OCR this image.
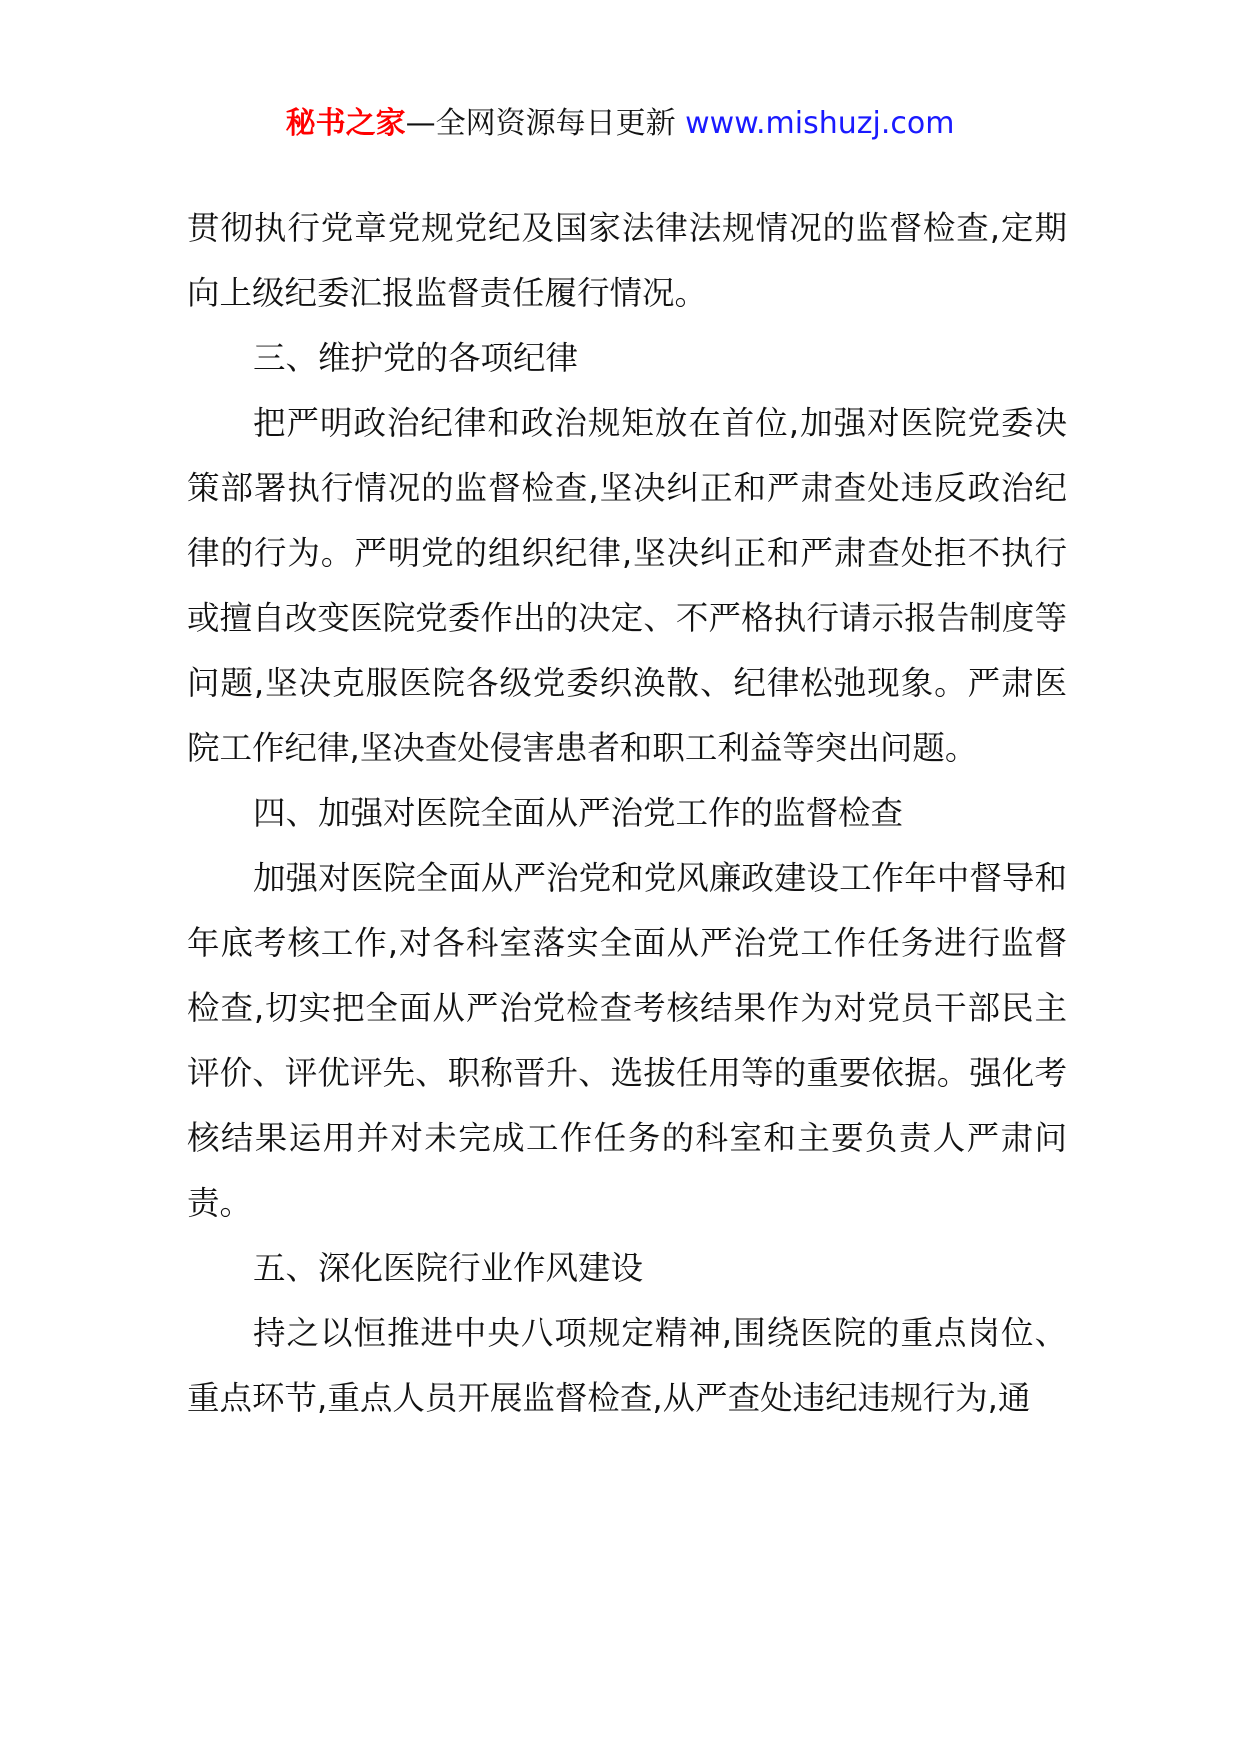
秘书之家—全网资源每日更新 www.mishuzj.com

贯彻执行党章党规党纪及国家法律法规情况的监督检查,定期向上级纪委汇报监督责任履行情况。

三、维护党的各项纪律

把严明政治纪律和政治规矩放在首位,加强对医院党委决策部署执行情况的监督检查,坚决纠正和严肃查处违反政治纪律的行为。严明党的组织纪律,坚决纠正和严肃查处拒不执行或擅自改变医院党委作出的决定、不严格执行请示报告制度等问题,坚决克服医院各级党委织涣散、纪律松弛现象。严肃医院工作纪律,坚决查处侵害患者和职工利益等突出问题。

四、加强对医院全面从严治党工作的监督检查

加强对医院全面从严治党和党风廉政建设工作年中督导和年底考核工作,对各科室落实全面从严治党工作任务进行监督检查,切实把全面从严治党检查考核结果作为对党员干部民主评价、评优评先、职称晋升、选拔任用等的重要依据。强化考核结果运用并对未完成工作任务的科室和主要负责人严肃问责。

五、深化医院行业作风建设

持之以恒推进中央八项规定精神,围绕医院的重点岗位、重点环节,重点人员开展监督检查,从严查处违纪违规行为,通
